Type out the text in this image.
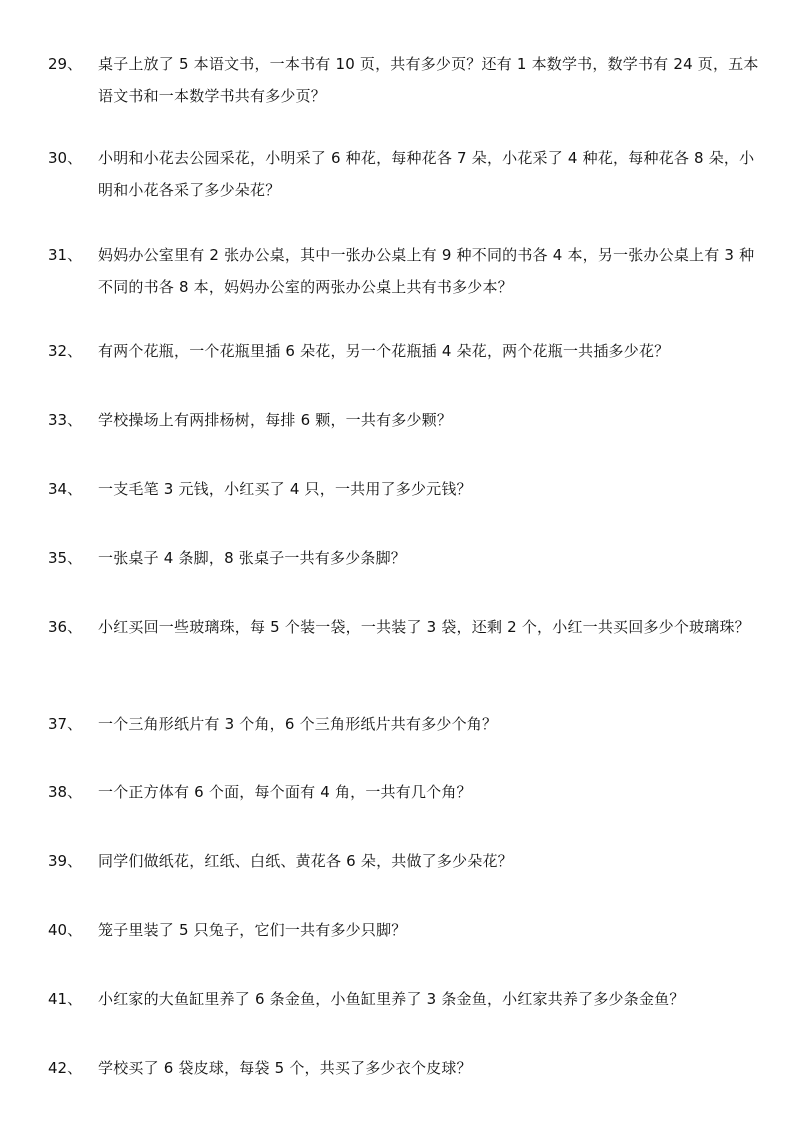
29、 桌子上放了 5 本语文书，一本书有 10 页，共有多少页？还有 1 本数学书，数学书有 24 页，五本语文书和一本数学书共有多少页？
30、 小明和小花去公园采花，小明采了 6 种花，每种花各 7 朵，小花采了 4 种花，每种花各 8 朵，小明和小花各采了多少朵花？
31、 妈妈办公室里有 2 张办公桌，其中一张办公桌上有 9 种不同的书各 4 本，另一张办公桌上有 3 种不同的书各 8 本，妈妈办公室的两张办公桌上共有书多少本？
32、 有两个花瓶，一个花瓶里插 6 朵花，另一个花瓶插 4 朵花，两个花瓶一共插多少花？
33、 学校操场上有两排杨树，每排 6 颗，一共有多少颗？
34、 一支毛笔 3 元钱，小红买了 4 只，一共用了多少元钱？
35、 一张桌子 4 条脚，8 张桌子一共有多少条脚？
36、 小红买回一些玻璃珠，每 5 个装一袋，一共装了 3 袋，还剩 2 个，小红一共买回多少个玻璃珠？
37、 一个三角形纸片有 3 个角，6 个三角形纸片共有多少个角？
38、 一个正方体有 6 个面，每个面有 4 角，一共有几个角？
39、 同学们做纸花，红纸、白纸、黄花各 6 朵，共做了多少朵花？
40、 笼子里装了 5 只兔子，它们一共有多少只脚？
41、 小红家的大鱼缸里养了 6 条金鱼，小鱼缸里养了 3 条金鱼，小红家共养了多少条金鱼？
42、 学校买了 6 袋皮球，每袋 5 个，共买了多少衣个皮球？
